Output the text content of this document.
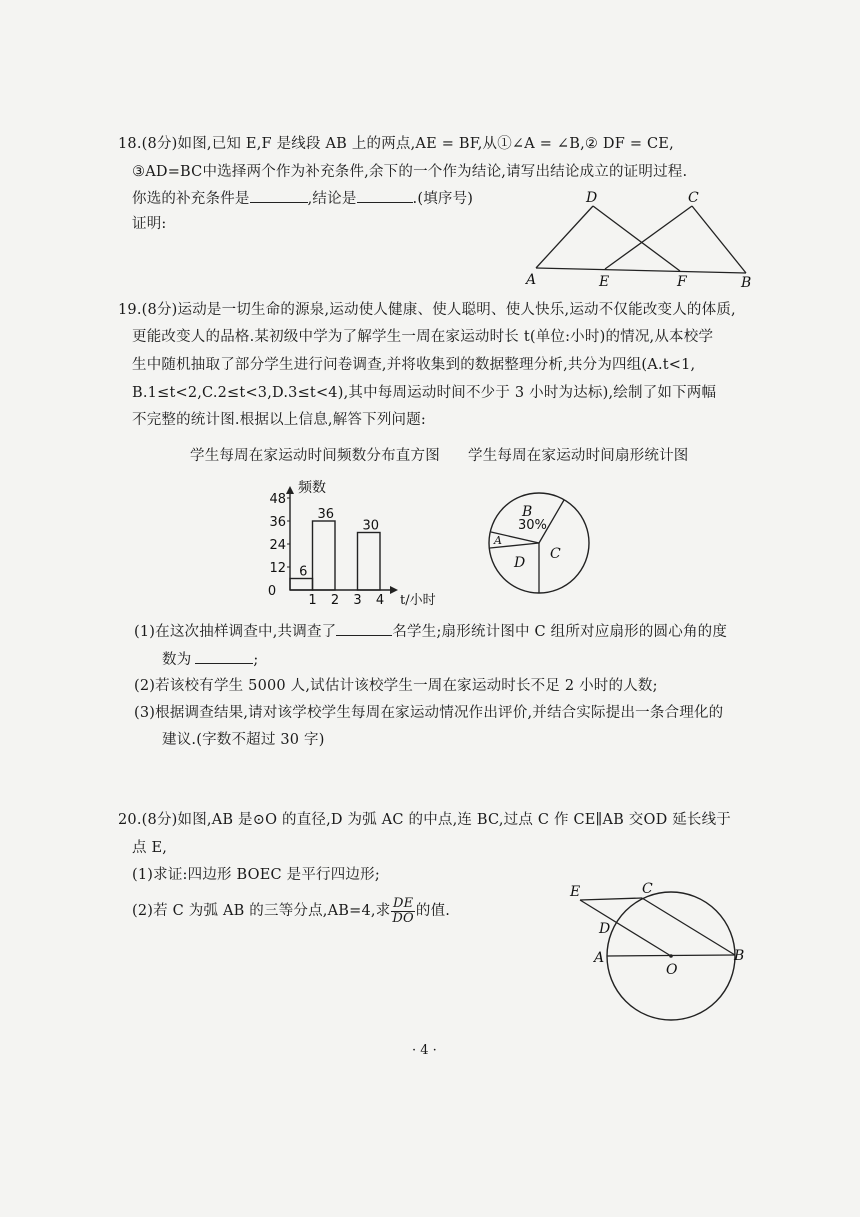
18.(8分)如图,已知 E,F 是线段 AB 上的两点,AE = BF,从①∠A = ∠B,② DF = CE,
③AD=BC中选择两个作为补充条件,余下的一个作为结论,请写出结论成立的证明过程.
你选的补充条件是	,结论是	.(填序号)
证明:
D	C
A	E	F	B
19.(8分)运动是一切生命的源泉,运动使人健康、使人聪明、使人快乐,运动不仅能改变人的体质,
更能改变人的品格.某初级中学为了解学生一周在家运动时长 t(单位:小时)的情况,从本校学
生中随机抽取了部分学生进行问卷调查,并将收集到的数据整理分析,共分为四组(A.t<1,
B.1≤t<2,C.2≤t<3,D.3≤t<4),其中每周运动时间不少于 3 小时为达标),绘制了如下两幅
不完整的统计图.根据以上信息,解答下列问题:
学生每周在家运动时间频数分布直方图 学生每周在家运动时间扇形统计图
频数
t/小时
12
24
36
48
0
1 2 3 4
6
36
30
B
30%
A
C
D
(1)在这次抽样调查中,共调查了	名学生;扇形统计图中 C 组所对应扇形的圆心角的度
数为	;
(2)若该校有学生 5000 人,试估计该校学生一周在家运动时长不足 2 小时的人数;
(3)根据调查结果,请对该学校学生每周在家运动情况作出评价,并结合实际提出一条合理化的
建议.(字数不超过 30 字)
20.(8分)如图,AB 是⊙O 的直径,D 为弧 AC 的中点,连 BC,过点 C 作 CE∥AB 交OD 延长线于
点 E,
(1)求证:四边形 BOEC 是平行四边形;
(2)若 C 为弧 AB 的三等分点,AB=4,求 $\frac{DE}{DO}$ 的值.
E	C
D
A
O
B
· 4 ·
